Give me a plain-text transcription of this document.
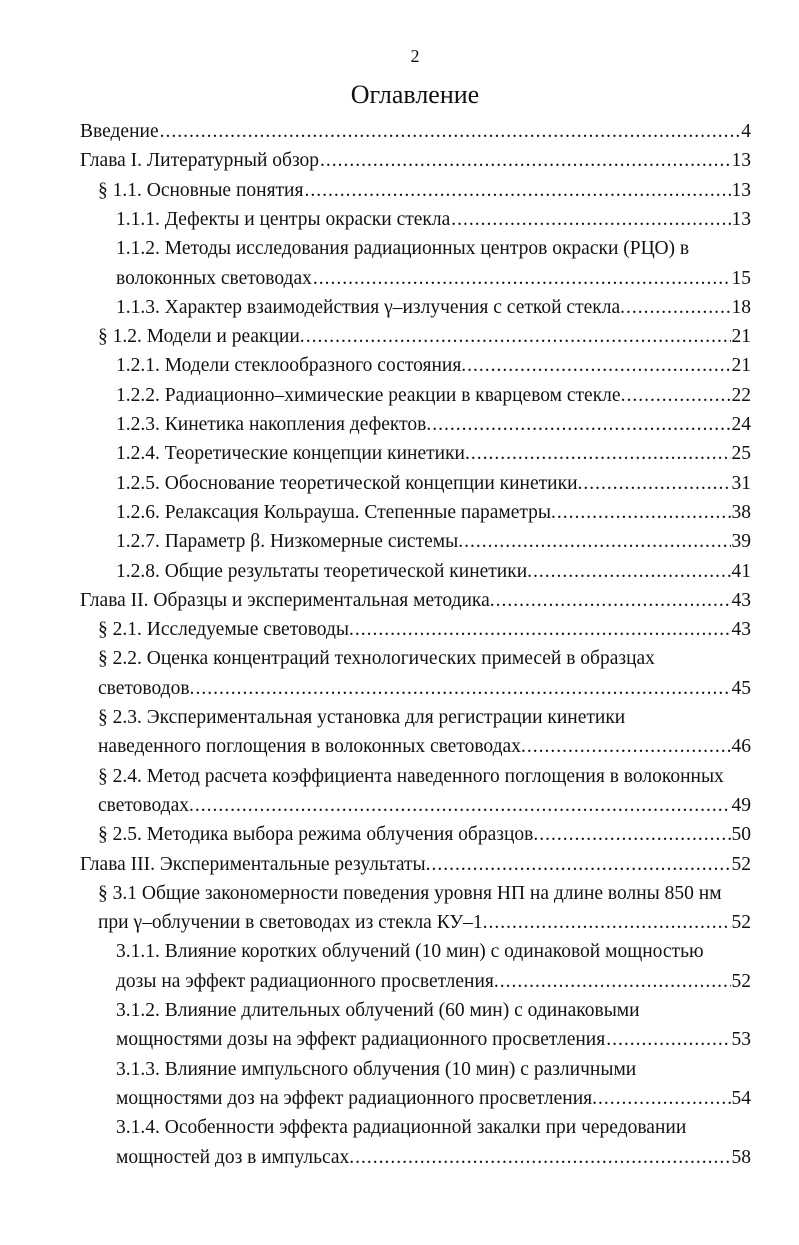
2
Оглавление
Введение .....	4
Глава I. Литературный обзор .....	13
§ 1.1. Основные понятия .....	13
1.1.1. Дефекты и центры окраски стекла .....	13
1.1.2. Методы исследования радиационных центров окраски (РЦО) в
волоконных световодах .....	15
1.1.3. Характер взаимодействия γ–излучения с сеткой стекла. .....	18
§ 1.2. Модели и реакции. .....	21
1.2.1. Модели стеклообразного состояния. .....	21
1.2.2. Радиационно–химические реакции в кварцевом стекле. .....	22
1.2.3. Кинетика накопления дефектов. .....	24
1.2.4. Теоретические концепции кинетики. .....	25
1.2.5. Обоснование теоретической концепции кинетики. .....	31
1.2.6. Релаксация Кольрауша. Степенные параметры. .....	38
1.2.7. Параметр β. Низкомерные системы. .....	39
1.2.8. Общие результаты теоретической кинетики. .....	41
Глава II. Образцы и экспериментальная методика. .....	43
§ 2.1. Исследуемые световоды. .....	43
§ 2.2. Оценка концентраций технологических примесей в образцах
световодов. .....	45
§ 2.3. Экспериментальная установка для регистрации кинетики
наведенного поглощения в волоконных световодах. .....	46
§ 2.4. Метод расчета коэффициента наведенного поглощения в волоконных
световодах. .....	49
§ 2.5. Методика выбора режима облучения образцов. .....	50
Глава III. Экспериментальные результаты. .....	52
§ 3.1 Общие закономерности поведения уровня НП на длине волны 850 нм
при γ–облучении в световодах из стекла КУ–1. .....	52
3.1.1. Влияние коротких облучений (10 мин) с одинаковой мощностью
дозы на эффект радиационного просветления. .....	52
3.1.2. Влияние длительных облучений (60 мин) с одинаковыми
мощностями дозы на эффект радиационного просветления .....	53
3.1.3. Влияние импульсного облучения (10 мин) с различными
мощностями доз на эффект радиационного просветления. .....	54
3.1.4. Особенности эффекта радиационной закалки при чередовании
мощностей доз в импульсах. .....	58
